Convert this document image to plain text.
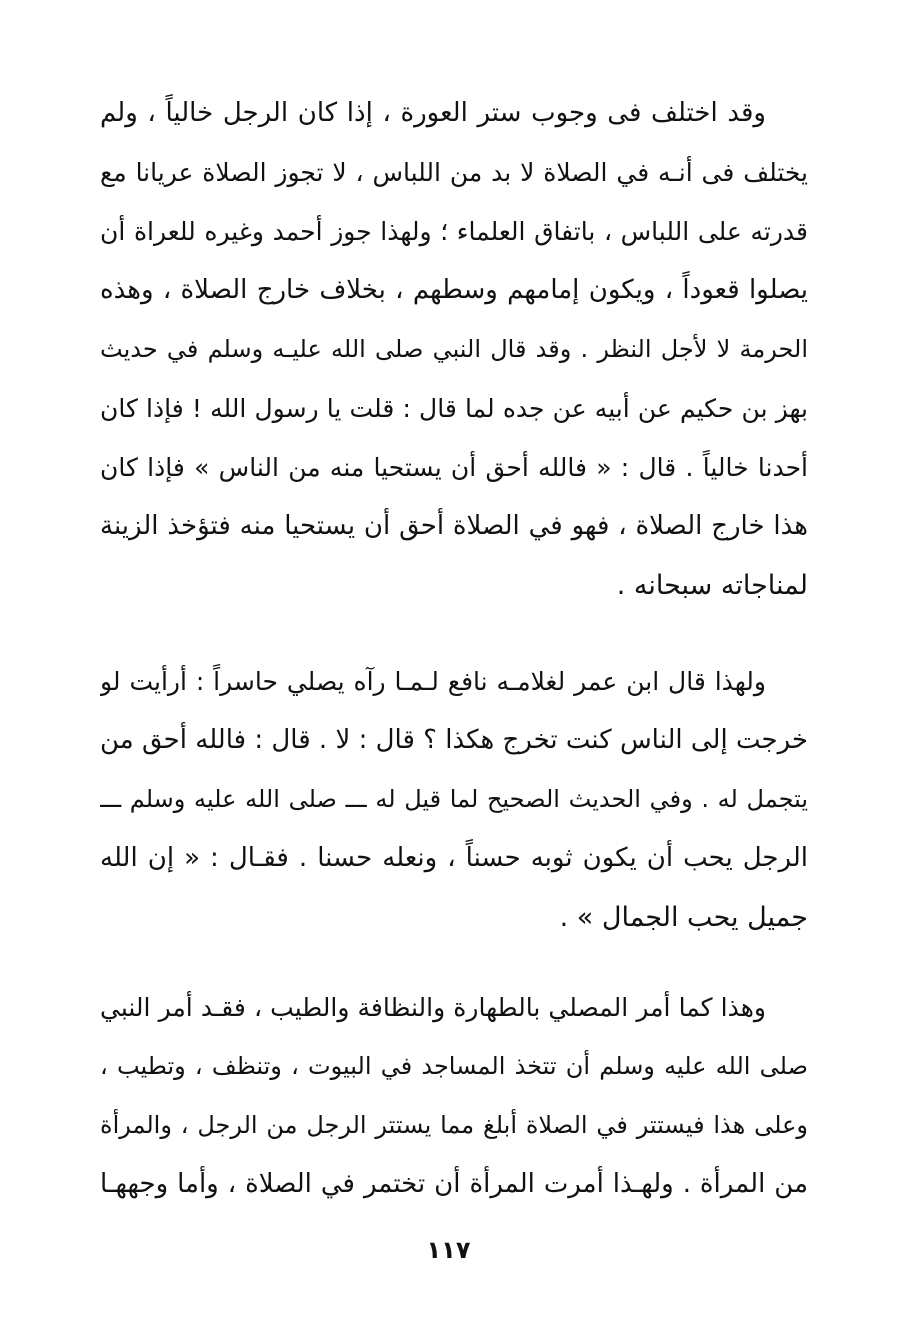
وقد اختلف فى وجوب ستر العورة ، إذا كان الرجل خالياً ، ولم
يختلف فى أنـه في الصلاة لا بد من اللباس ، لا تجوز الصلاة عريانا مع
قدرته على اللباس ، باتفاق العلماء ؛ ولهذا جوز أحمد وغيره للعراة أن
يصلوا قعوداً ، ويكون إمامهم وسطهم ، بخلاف خارج الصلاة ، وهذه
الحرمة لا لأجل النظر . وقد قال النبي صلى الله عليـه وسلم في حديث
بهز بن حكيم عن أبيه عن جده لما قال : قلت يا رسول الله ! فإذا كان
أحدنا خالياً . قال : « فالله أحق أن يستحيا منه من الناس » فإذا كان
هذا خارج الصلاة ، فهو في الصلاة أحق أن يستحيا منه فتؤخذ الزينة
لمناجاته سبحانه .
ولهذا قال ابن عمر لغلامـه نافع لـمـا رآه يصلي حاسراً : أرأيت لو
خرجت إلى الناس كنت تخرج هكذا ؟ قال : لا . قال : فالله أحق من
يتجمل له . وفي الحديث الصحيح لما قيل له ـــ صلى الله عليه وسلم ـــ
الرجل يحب أن يكون ثوبه حسناً ، ونعله حسنا . فقـال : « إن الله
جميل يحب الجمال » .
وهذا كما أمر المصلي بالطهارة والنظافة والطيب ، فقـد أمر النبي
صلى الله عليه وسلم أن تتخذ المساجد في البيوت ، وتنظف ، وتطيب ،
وعلى هذا فيستتر في الصلاة أبلغ مما يستتر الرجل من الرجل ، والمرأة
من المرأة . ولهـذا أمرت المرأة أن تختمر في الصلاة ، وأما وجههـا
١١٧
